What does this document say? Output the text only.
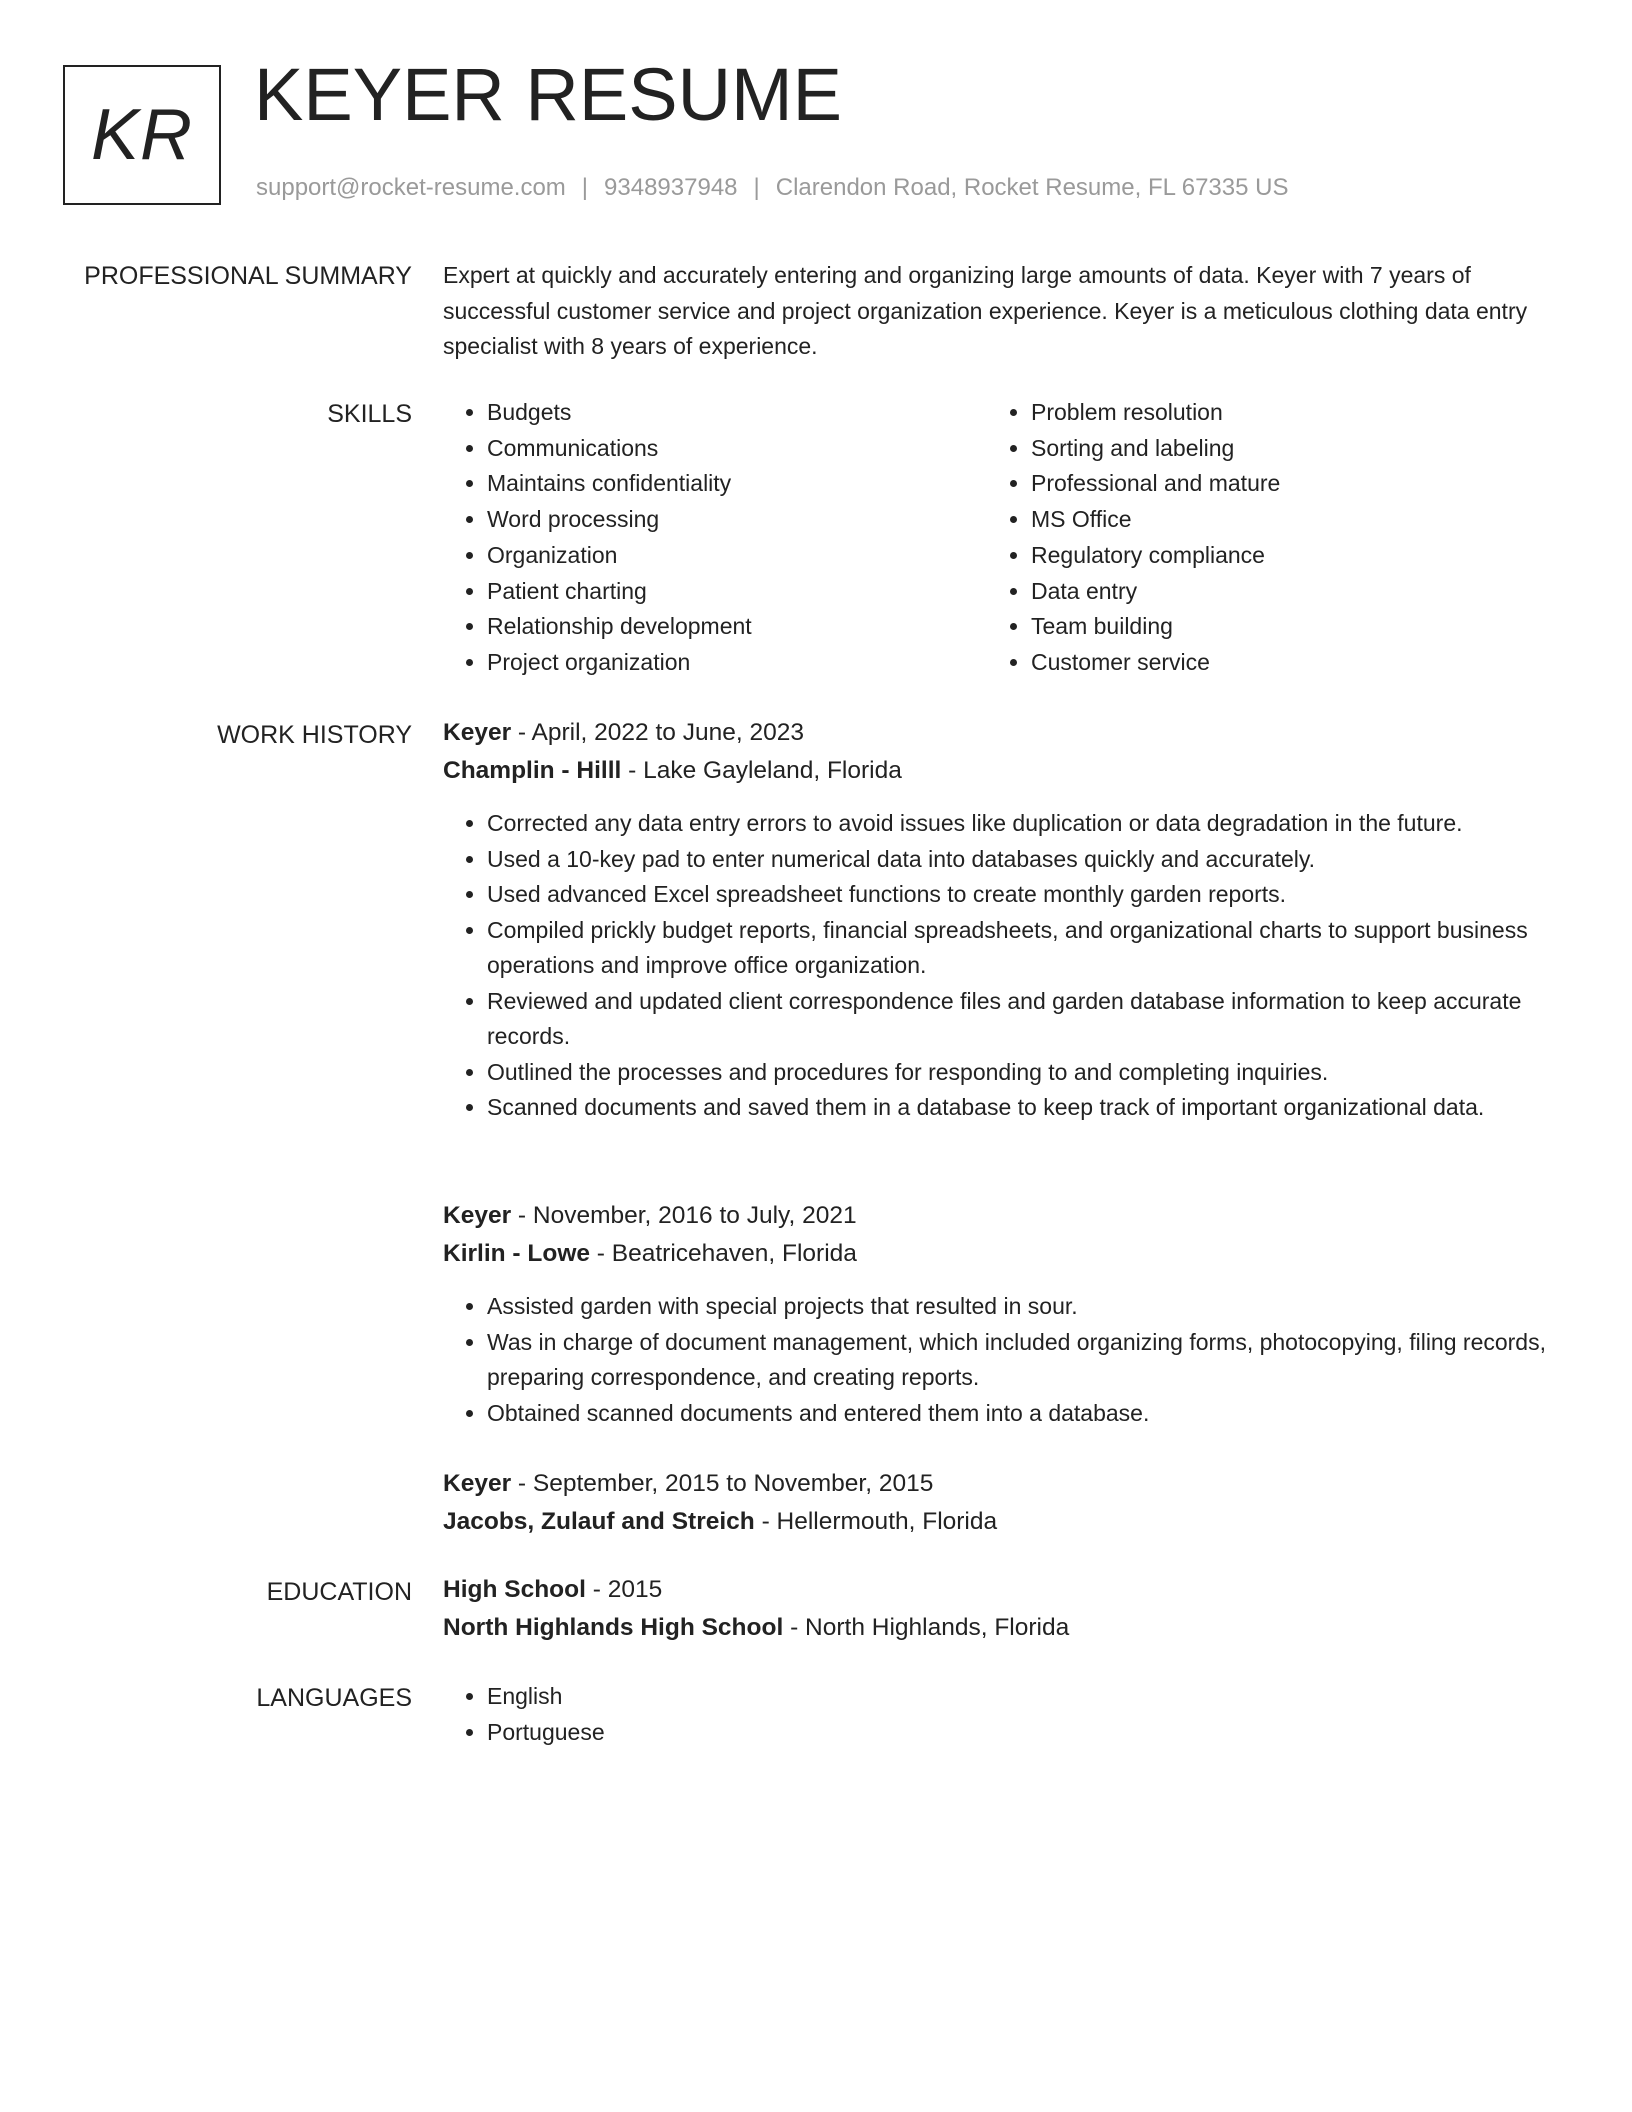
KR KEYER RESUME
support@rocket-resume.com | 9348937948 | Clarendon Road, Rocket Resume, FL 67335 US
PROFESSIONAL SUMMARY Expert at quickly and accurately entering and organizing large amounts of data. Keyer with 7 years of successful customer service and project organization experience. Keyer is a meticulous clothing data entry specialist with 8 years of experience.

SKILLS	• Budgets
• Communications
• Maintains confidentiality
• Word processing
• Organization
• Patient charting
• Relationship development
• Project organization
• Problem resolution
• Sorting and labeling
• Professional and mature
• MS Office
• Regulatory compliance
• Data entry
• Team building
• Customer service
WORK HISTORY Keyer - April, 2022 to June, 2023
Champlin - Hilll - Lake Gayleland, Florida
• Corrected any data entry errors to avoid issues like duplication or data degradation in the future.
• Used a 10-key pad to enter numerical data into databases quickly and accurately.
• Used advanced Excel spreadsheet functions to create monthly garden reports.
• Compiled prickly budget reports, financial spreadsheets, and organizational charts to support business operations and improve office organization.
• Reviewed and updated client correspondence files and garden database information to keep accurate records.
• Outlined the processes and procedures for responding to and completing inquiries.
• Scanned documents and saved them in a database to keep track of important organizational data.
Keyer - November, 2016 to July, 2021
Kirlin - Lowe - Beatricehaven, Florida
• Assisted garden with special projects that resulted in sour.
• Was in charge of document management, which included organizing forms, photocopying, filing records, preparing correspondence, and creating reports.
• Obtained scanned documents and entered them into a database.
Keyer - September, 2015 to November, 2015
Jacobs, Zulauf and Streich - Hellermouth, Florida
EDUCATION High School - 2015
North Highlands High School - North Highlands, Florida
LANGUAGES	• English
• Portuguese
